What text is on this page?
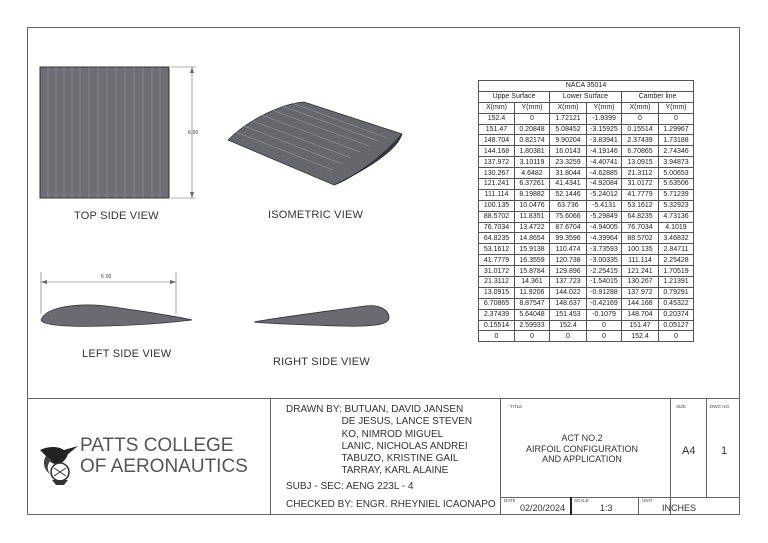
6.00
TOP SIDE VIEW	ISOMETRIC VIEW
6.00
LEFT SIDE VIEW
RIGHT SIDE VIEW
NACA 35014					
Uppe Surface		Lower Surface		Camber line	
X(mm)	Y(mm)	X(mm)	Y(mm)	X(mm)	Y(mm)
152.4	0	1.72121	-1.9399	0	0
151.47	0.20848	5.08452	-3.15925	0.15514	1.29967
148.704	0.82174	9.90204	-3.83941	2.37439	1.73188
144.168	1.80381	16.0143	-4.19146	6.70865	2.74346
137.972	3.10119	23.3259	-4.40741	13.0915	3.94873
130.267	4.6482	31.8044	-4.62885	21.3112	5.00653
121.241	6.37261	41.4341	-4.92084	31.0172	5.63506
111.114	8.19882	52.1446	-5.24012	41.7779	5.71239
100.135	10.0476	63.736	-5.4131	53.1612	5.32923
88.5702	11.8351	75.6066	-5.29849	64.8235	4.73136
76.7034	13.4722	87.6704	-4.94005	76.7034	4.1019
64.8235	14.8654	99.3596	-4.39964	88.5702	3.46832
53.1612	15.9138	110.474	-3.73593	100.135	2.84711
41.7779	16.3559	120.738	-3.00335	111.114	2.25428
31.0172	15.8784	129.896	-2.25415	121.241	1.70519
21.3112	14.361	137.723	-1.54015	130.267	1.21391
13.0915	11.9206	144.022	-0.91288	137.972	0.79291
6.70865	8.87547	148.637	-0.42169	144.168	0.45322
2.37439	5.64048	151.453	-0.1079	148.704	0.20374
0.15514	2.59933	152.4	0	151.47	0.05127
0	0	0	0	152.4	0
PATTS COLLEGE
OF AERONAUTICS
DRAWN BY: BUTUAN, DAVID JANSEN
DE JESUS, LANCE STEVEN
KO, NIMROD MIGUEL
LANIC, NICHOLAS ANDREI
TABUZO, KRISTINE GAIL
TARRAY, KARL ALAINE
SUBJ - SEC: AENG 223L - 4
CHECKED BY: ENGR. RHEYNIEL ICAONAPO
TITLE
ACT NO.2
AIRFOIL CONFIGURATION
AND APPLICATION
SIZE
A4
DWG NO.
1
DATE
02/20/2024
SCALE
1:3
UNIT
INCHES
